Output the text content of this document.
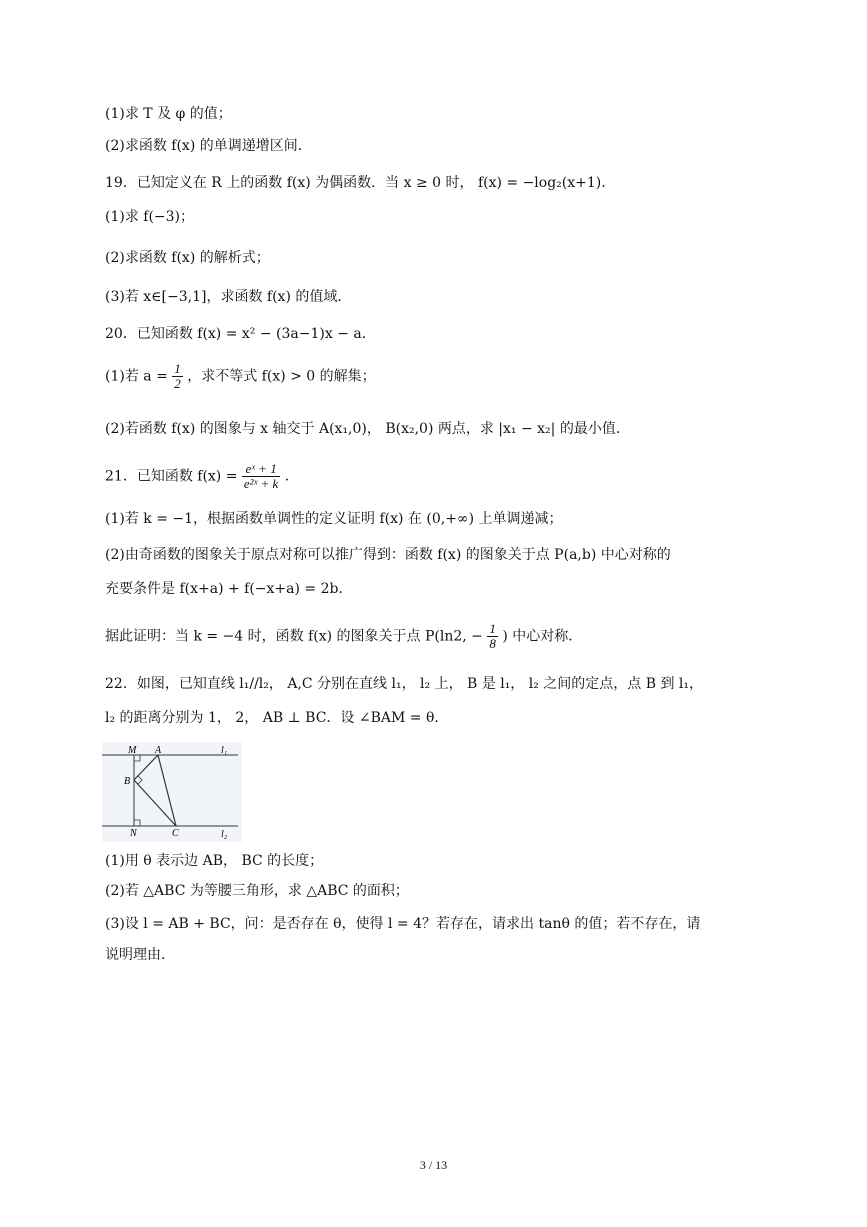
(1)求 T 及 φ 的值；
(2)求函数 f(x) 的单调递增区间．
19．已知定义在 R 上的函数 f(x) 为偶函数．当 x ≥ 0 时， f(x) = −log₂(x+1)．
(1)求 f(−3)；
(2)求函数 f(x) 的解析式；
(3)若 x∈[−3,1]，求函数 f(x) 的值域．
20．已知函数 f(x) = x² − (3a−1)x − a．
(1)若 $a = \frac{1}{2}$ ，求不等式 f(x) > 0 的解集；
(2)若函数 f(x) 的图象与 x 轴交于 A(x₁,0)， B(x₂,0) 两点，求 |x₁ − x₂| 的最小值．
21．已知函数 $f(x) = \frac{\text{eˣ + 1}}{\text{e²ˣ + k}}$ ．
(1)若 k = −1，根据函数单调性的定义证明 f(x) 在 (0,+∞) 上单调递减；
(2)由奇函数的图象关于原点对称可以推广得到：函数 f(x) 的图象关于点 P(a,b) 中心对称的
充要条件是 f(x+a) + f(−x+a) = 2b．
据此证明：当 k = −4 时，函数 f(x) 的图象关于点 P(ln2, − $\frac{1}{8}$ ) 中心对称．
22．如图，已知直线 l₁//l₂， A,C 分别在直线 l₁， l₂ 上， B 是 l₁， l₂ 之间的定点，点 B 到 l₁，
l₂ 的距离分别为 1， 2， AB ⊥ BC．设 ∠BAM = θ．
M A	l₁
B
N	C	l₂
(1)用 θ 表示边 AB， BC 的长度；
(2)若 △ABC 为等腰三角形，求 △ABC 的面积；
(3)设 l = AB + BC，问：是否存在 θ，使得 l = 4？若存在，请求出 tanθ 的值；若不存在，请
说明理由．
3 / 13
